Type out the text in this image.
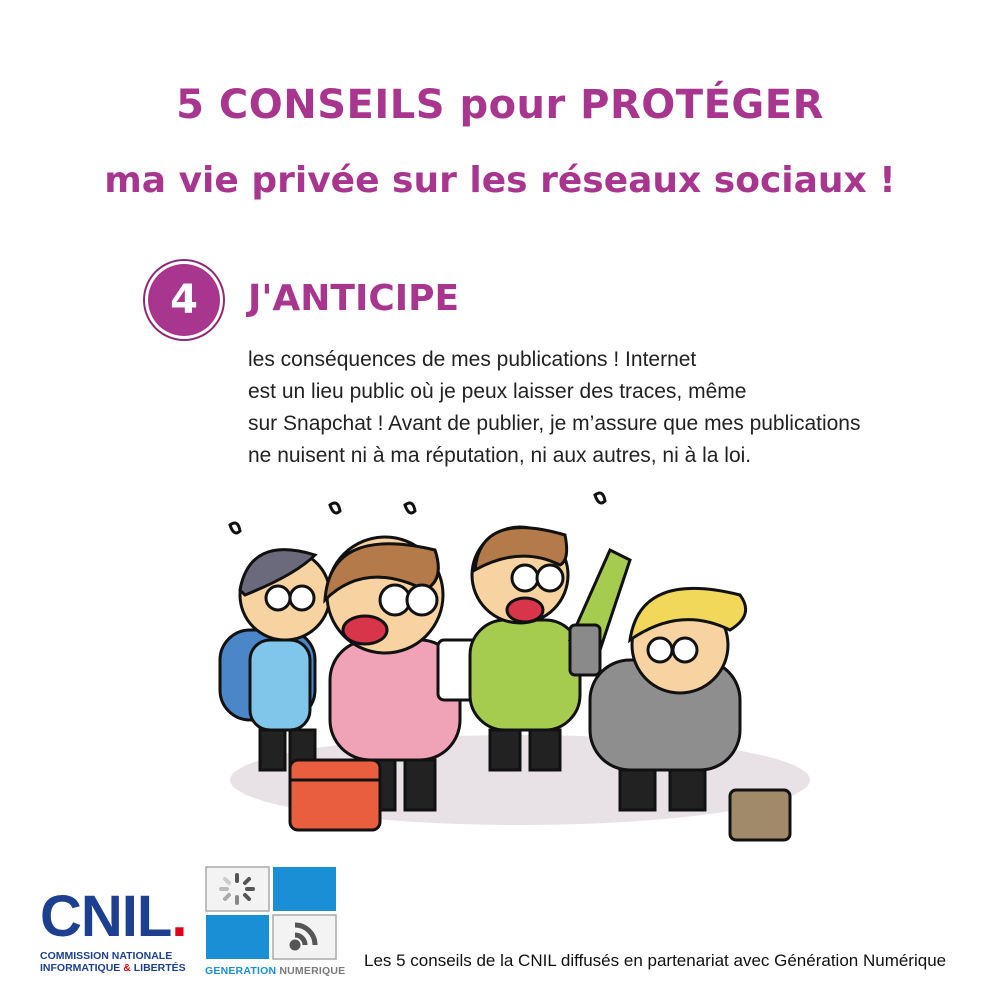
5 CONSEILS pour PROTÉGER
ma vie privée sur les réseaux sociaux !
4	J'ANTICIPE
les conséquences de mes publications ! Internet
est un lieu public où je peux laisser des traces, même
sur Snapchat ! Avant de publier, je m’assure que mes publications
ne nuisent ni à ma réputation, ni aux autres, ni à la loi.
CNIL.
COMMISSION NATIONALE
INFORMATIQUE & LIBERTÉS GENERATION NUMERIQUE
Les 5 conseils de la CNIL diffusés en partenariat avec Génération Numérique
